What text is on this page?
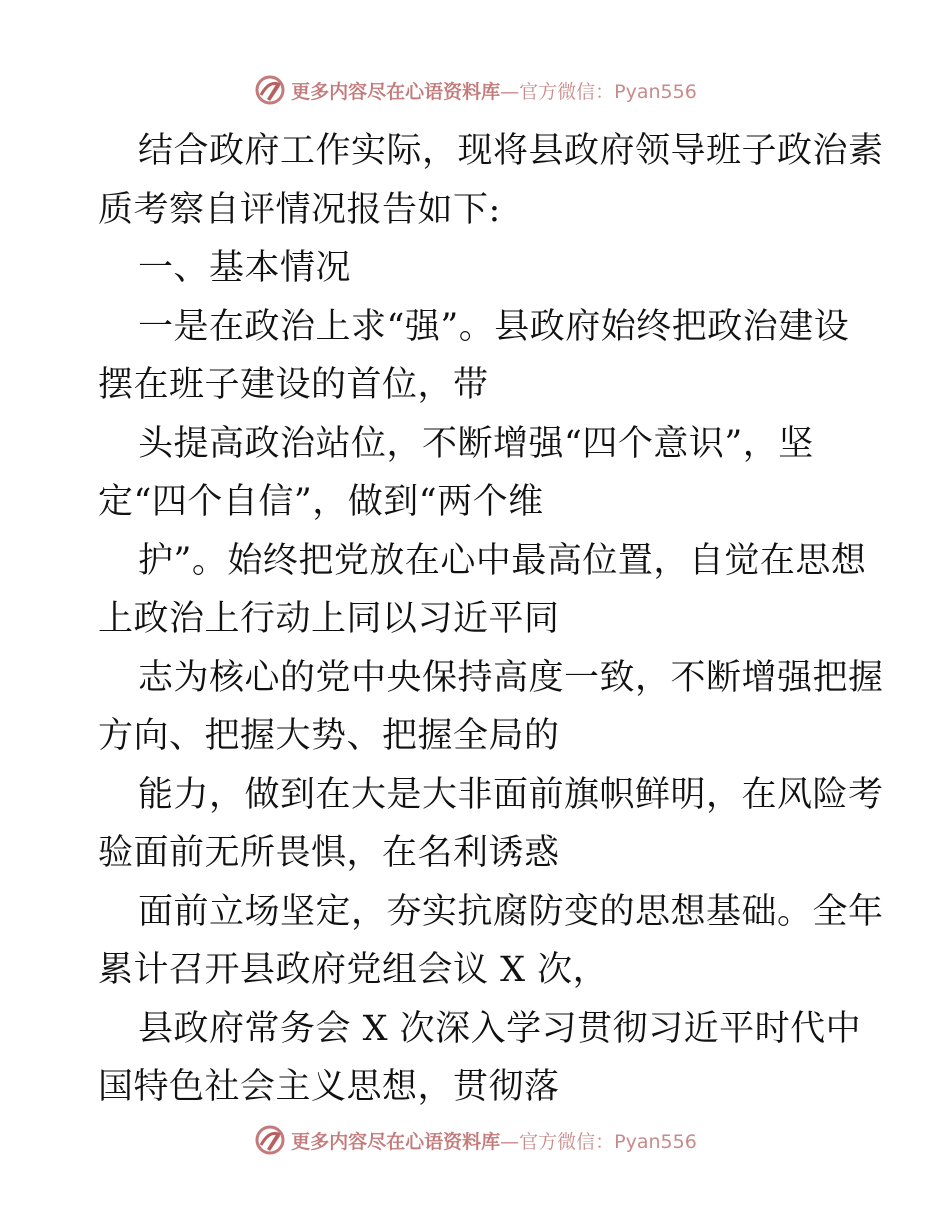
更多内容尽在心语资料库—官方微信：Pyan556
结合政府工作实际，现将县政府领导班子政治素
质考察自评情况报告如下:
一、基本情况
一是在政治上求“强”。县政府始终把政治建设
摆在班子建设的首位，带
头提高政治站位，不断增强“四个意识”，坚
定“四个自信”，做到“两个维
护”。始终把党放在心中最高位置，自觉在思想
上政治上行动上同以习近平同
志为核心的党中央保持高度一致，不断增强把握
方向、把握大势、把握全局的
能力，做到在大是大非面前旗帜鲜明，在风险考
验面前无所畏惧，在名利诱惑
面前立场坚定，夯实抗腐防变的思想基础。全年
累计召开县政府党组会议 X 次，
县政府常务会 X 次深入学习贯彻习近平时代中
国特色社会主义思想，贯彻落
更多内容尽在心语资料库—官方微信：Pyan556
